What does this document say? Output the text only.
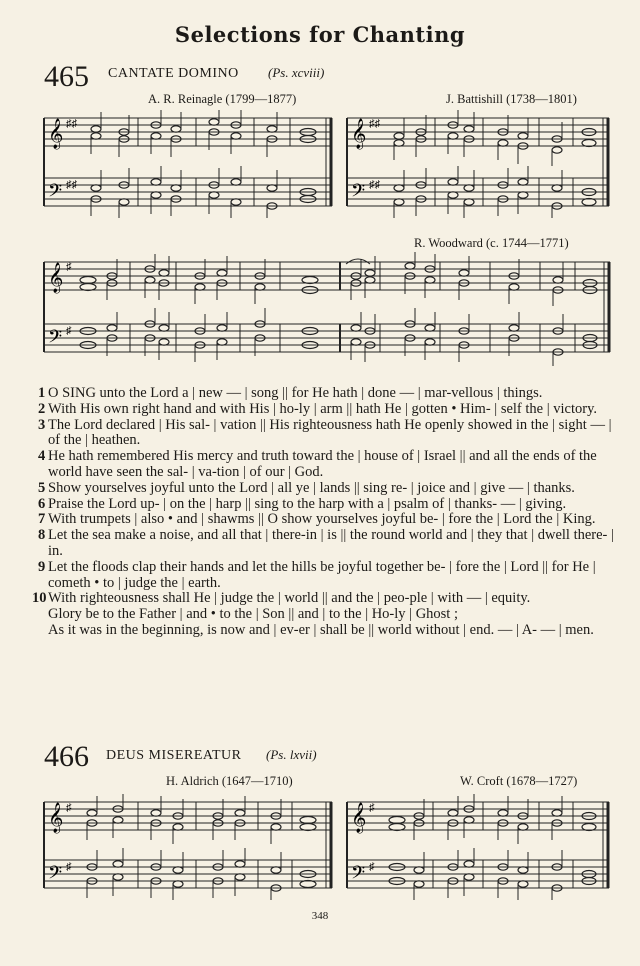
Selections for Chanting
465 CANTATE DOMINO (Ps. xcviii)
A. R. Reinagle (1799—1877)	J. Battishill (1738—1801)
𝄞
𝄢
♯♯
♯♯
𝄞
𝄢
♯♯
♯♯
R. Woodward (c. 1744—1771)
𝄞
𝄢
♯
♯
1 O SING unto the Lord a | new — | song || for He hath | done — | mar-vellous | things.
2 With His own right hand and with His | ho-ly | arm || hath He | gotten • Him- | self the | victory.
3 The Lord declared | His sal- | vation || His righteousness hath He openly showed in the | sight — | of the | heathen.
4 He hath remembered His mercy and truth toward the | house of | Israel || and all the ends of the world have seen the sal- | va-tion | of our | God.
5 Show yourselves joyful unto the Lord | all ye | lands || sing re- | joice and | give — | thanks.
6 Praise the Lord up- | on the | harp || sing to the harp with a | psalm of | thanks- — | giving.
7 With trumpets | also • and | shawms || O show yourselves joyful be- | fore the | Lord the | King.
8 Let the sea make a noise, and all that | there-in | is || the round world and | they that | dwell there- | in.
9 Let the floods clap their hands and let the hills be joyful together be- | fore the | Lord || for He | cometh • to | judge the | earth.
10 With righteousness shall He | judge the | world || and the | peo-ple | with — | equity.
Glory be to the Father | and • to the | Son || and | to the | Ho-ly | Ghost ;
As it was in the beginning, is now and | ev-er | shall be || world without | end. — | A- — | men.
466 DEUS MISEREATUR (Ps. lxvii)
H. Aldrich (1647—1710)	W. Croft (1678—1727)
𝄞
𝄢
♯
♯
𝄞
𝄢
♯
♯
348
